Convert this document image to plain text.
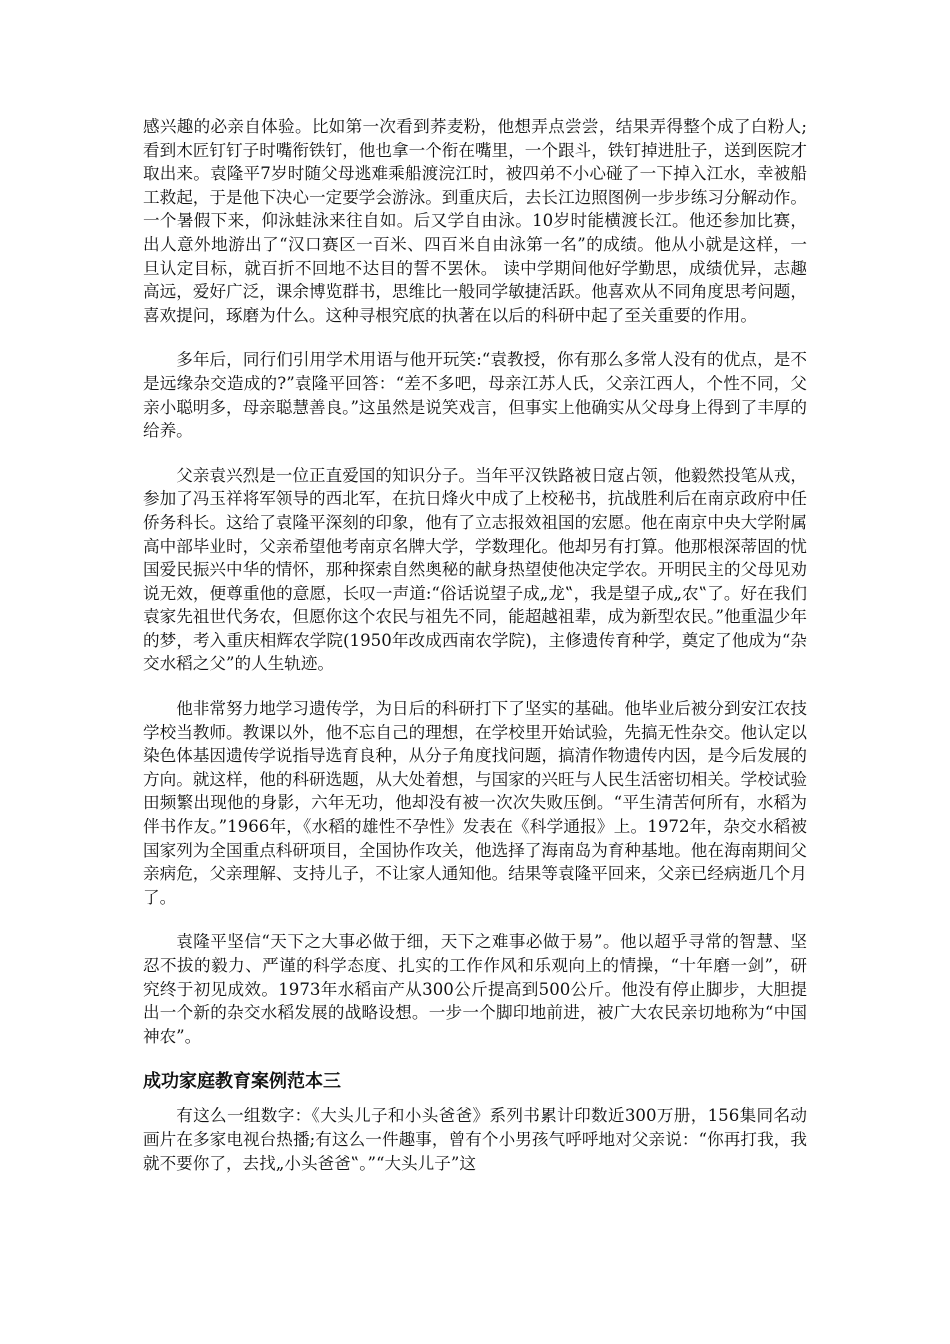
感兴趣的必亲自体验。比如第一次看到荞麦粉，他想弄点尝尝，结果弄得整个成了白粉人;看到木匠钉钉子时嘴衔铁钉，他也拿一个衔在嘴里，一个跟斗，铁钉掉进肚子，送到医院才取出来。袁隆平7岁时随父母逃难乘船渡浣江时，被四弟不小心碰了一下掉入江水，幸被船工救起，于是他下决心一定要学会游泳。到重庆后，去长江边照图例一步步练习分解动作。一个暑假下来，仰泳蛙泳来往自如。后又学自由泳。10岁时能横渡长江。他还参加比赛，出人意外地游出了“汉口赛区一百米、四百米自由泳第一名”的成绩。他从小就是这样，一旦认定目标，就百折不回地不达目的誓不罢休。 读中学期间他好学勤思，成绩优异，志趣高远，爱好广泛，课余博览群书，思维比一般同学敏捷活跃。他喜欢从不同角度思考问题，喜欢提问，琢磨为什么。这种寻根究底的执著在以后的科研中起了至关重要的作用。

多年后，同行们引用学术用语与他开玩笑:“袁教授，你有那么多常人没有的优点，是不是远缘杂交造成的?”袁隆平回答：“差不多吧，母亲江苏人氏，父亲江西人，个性不同，父亲小聪明多，母亲聪慧善良。”这虽然是说笑戏言，但事实上他确实从父母身上得到了丰厚的给养。

父亲袁兴烈是一位正直爱国的知识分子。当年平汉铁路被日寇占领，他毅然投笔从戎，参加了冯玉祥将军领导的西北军，在抗日烽火中成了上校秘书，抗战胜利后在南京政府中任侨务科长。这给了袁隆平深刻的印象，他有了立志报效祖国的宏愿。他在南京中央大学附属高中部毕业时，父亲希望他考南京名牌大学，学数理化。他却另有打算。他那根深蒂固的忧国爱民振兴中华的情怀，那种探索自然奥秘的献身热望使他决定学农。开明民主的父母见劝说无效，便尊重他的意愿，长叹一声道:“俗话说望子成„龙‟，我是望子成„农‟了。好在我们袁家先祖世代务农，但愿你这个农民与祖先不同，能超越祖辈，成为新型农民。”他重温少年的梦，考入重庆相辉农学院(1950年改成西南农学院)，主修遗传育种学，奠定了他成为“杂交水稻之父”的人生轨迹。

他非常努力地学习遗传学，为日后的科研打下了坚实的基础。他毕业后被分到安江农技学校当教师。教课以外，他不忘自己的理想，在学校里开始试验，先搞无性杂交。他认定以染色体基因遗传学说指导选育良种，从分子角度找问题，搞清作物遗传内因，是今后发展的方向。就这样，他的科研选题，从大处着想，与国家的兴旺与人民生活密切相关。学校试验田频繁出现他的身影，六年无功，他却没有被一次次失败压倒。“平生清苦何所有，水稻为伴书作友。”1966年，《水稻的雄性不孕性》发表在《科学通报》上。1972年，杂交水稻被国家列为全国重点科研项目，全国协作攻关，他选择了海南岛为育种基地。他在海南期间父亲病危，父亲理解、支持儿子，不让家人通知他。结果等袁隆平回来，父亲已经病逝几个月了。

袁隆平坚信“天下之大事必做于细，天下之难事必做于易”。他以超乎寻常的智慧、坚忍不拔的毅力、严谨的科学态度、扎实的工作作风和乐观向上的情操，“十年磨一剑”，研究终于初见成效。1973年水稻亩产从300公斤提高到500公斤。他没有停止脚步，大胆提出一个新的杂交水稻发展的战略设想。一步一个脚印地前进，被广大农民亲切地称为“中国神农”。

成功家庭教育案例范本三

有这么一组数字：《大头儿子和小头爸爸》系列书累计印数近300万册，156集同名动画片在多家电视台热播;有这么一件趣事，曾有个小男孩气呼呼地对父亲说：“你再打我，我就不要你了，去找„小头爸爸‟。”“大头儿子”这
